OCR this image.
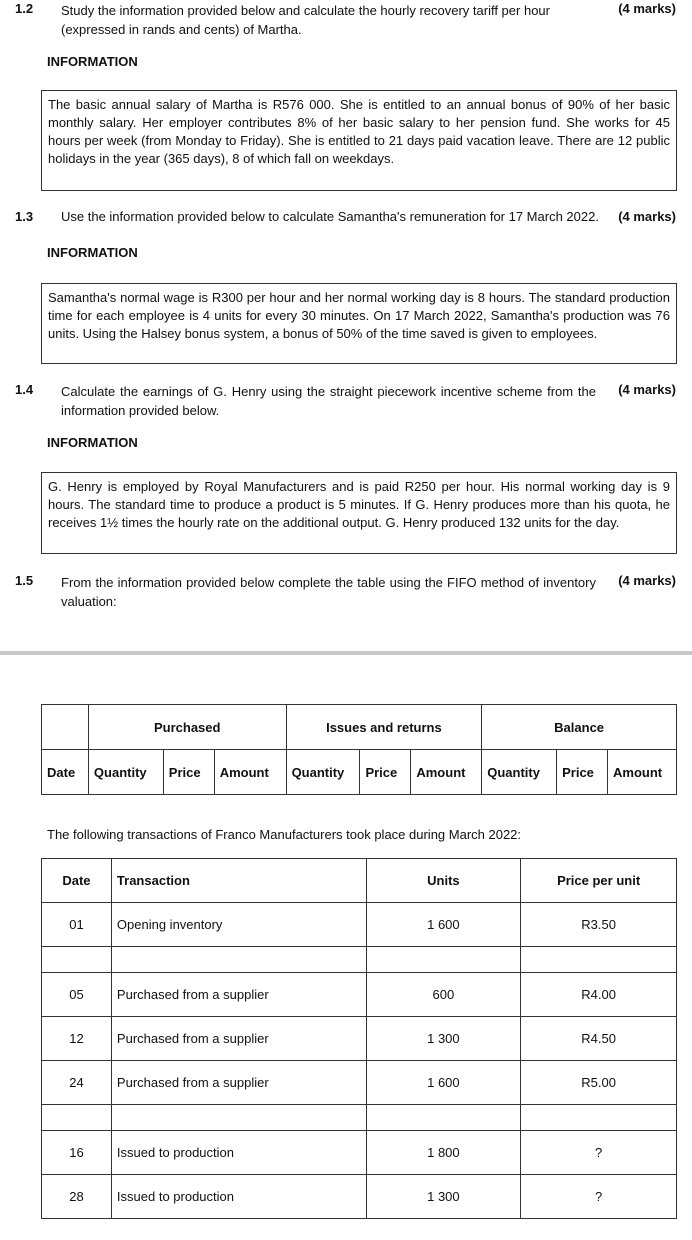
1.2 Study the information provided below and calculate the hourly recovery tariff per hour (expressed in rands and cents) of Martha.
(4 marks)
INFORMATION
The basic annual salary of Martha is R576 000. She is entitled to an annual bonus of 90% of her basic monthly salary. Her employer contributes 8% of her basic salary to her pension fund. She works for 45 hours per week (from Monday to Friday). She is entitled to 21 days paid vacation leave. There are 12 public holidays in the year (365 days), 8 of which fall on weekdays.
1.3 Use the information provided below to calculate Samantha's remuneration for 17 March 2022. (4 marks)
INFORMATION
Samantha's normal wage is R300 per hour and her normal working day is 8 hours. The standard production time for each employee is 4 units for every 30 minutes. On 17 March 2022, Samantha's production was 76 units. Using the Halsey bonus system, a bonus of 50% of the time saved is given to employees.
1.4 Calculate the earnings of G. Henry using the straight piecework incentive scheme from the information provided below.
(4 marks)
INFORMATION
G. Henry is employed by Royal Manufacturers and is paid R250 per hour. His normal working day is 9 hours. The standard time to produce a product is 5 minutes. If G. Henry produces more than his quota, he receives 1½ times the hourly rate on the additional output. G. Henry produced 132 units for the day.
1.5 From the information provided below complete the table using the FIFO method of inventory valuation:
(4 marks)
	Purchased			Issues and returns			Balance		
Date	Quantity	Price	Amount	Quantity	Price	Amount	Quantity	Price	Amount
The following transactions of Franco Manufacturers took place during March 2022:
Date	Transaction	Units	Price per unit
01	Opening inventory	1 600	R3.50

05	Purchased from a supplier	600	R4.00
12	Purchased from a supplier	1 300	R4.50
24	Purchased from a supplier	1 600	R5.00

16	Issued to production	1 800	?
28	Issued to production	1 300	?
